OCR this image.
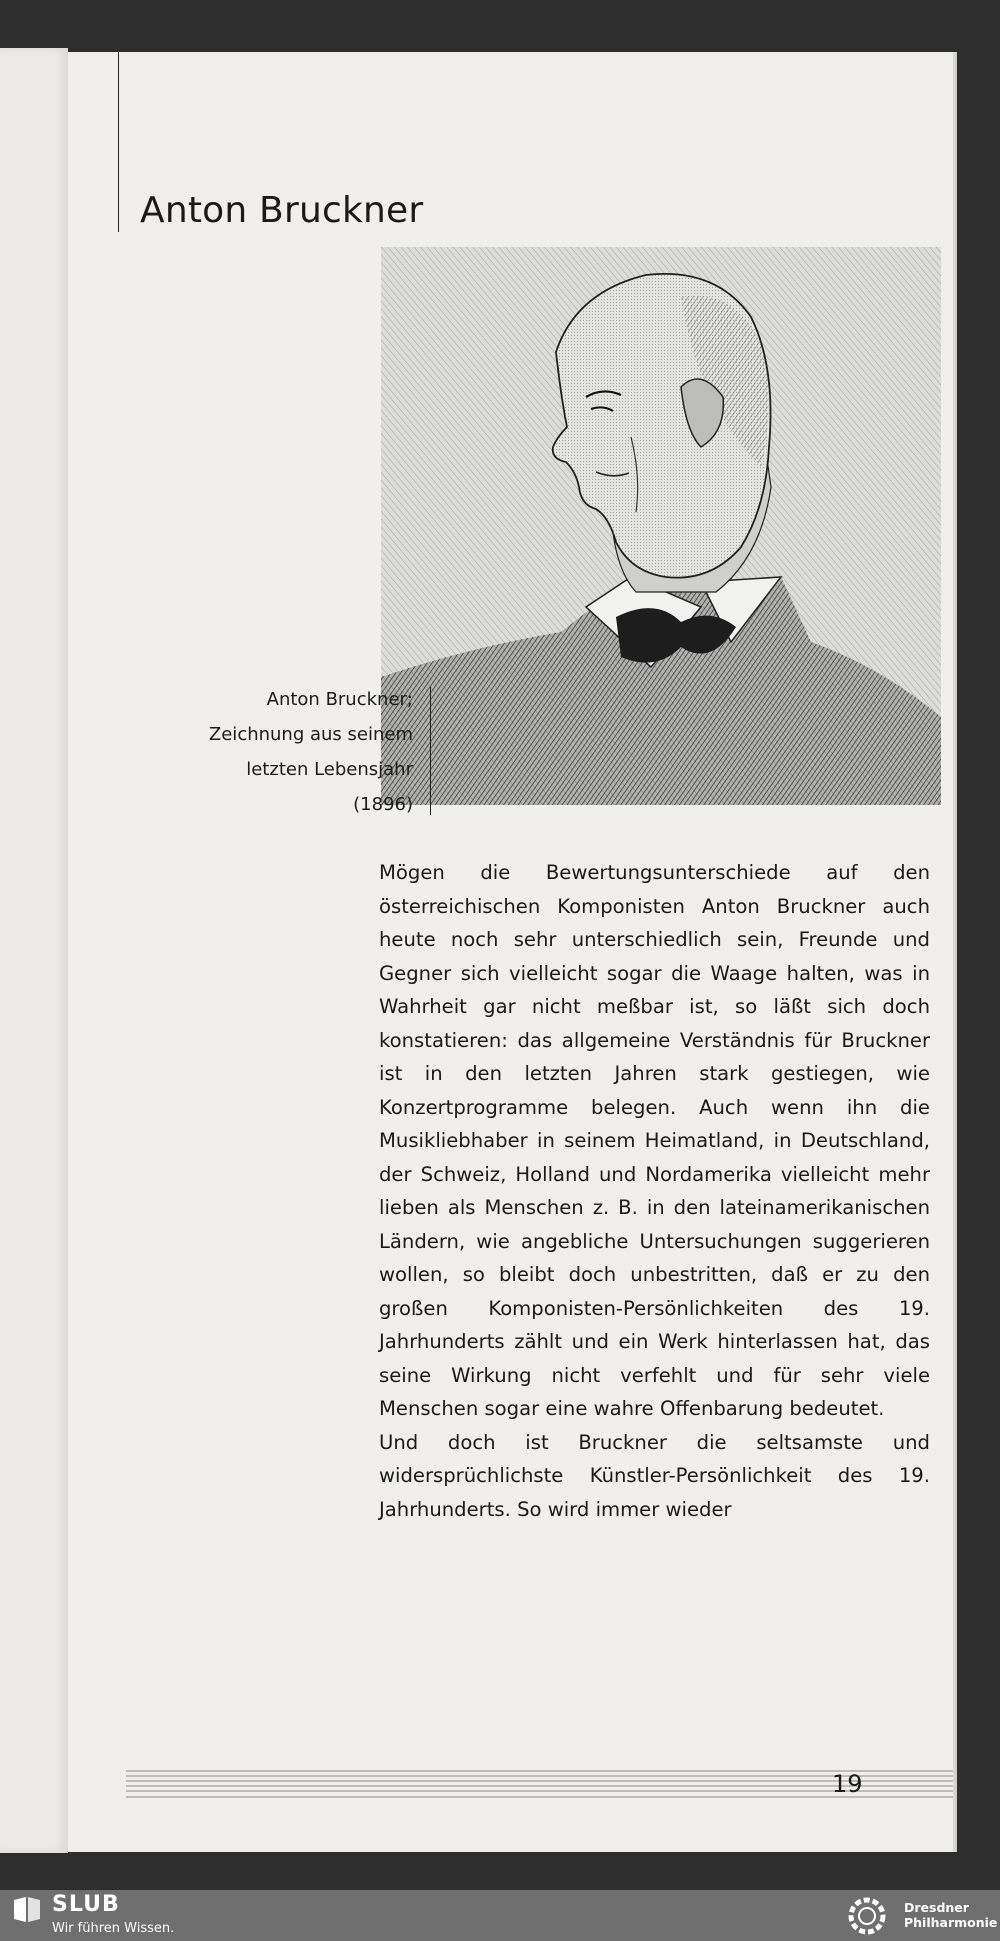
Anton Bruckner
Anton Bruckner;
Zeichnung aus seinem
letzten Lebensjahr
(1896)

Mögen die Bewertungsunterschiede auf den österreichischen Komponisten Anton Bruckner auch heute noch sehr unterschiedlich sein, Freunde und Gegner sich vielleicht sogar die Waage halten, was in Wahrheit gar nicht meßbar ist, so läßt sich doch konstatieren: das allgemeine Verständnis für Bruckner ist in den letzten Jahren stark gestiegen, wie Konzertprogramme belegen. Auch wenn ihn die Musikliebhaber in seinem Heimatland, in Deutschland, der Schweiz, Holland und Nordamerika vielleicht mehr lieben als Menschen z. B. in den lateinamerikanischen Ländern, wie angebliche Untersuchungen suggerieren wollen, so bleibt doch unbestritten, daß er zu den großen Komponisten-Persönlichkeiten des 19. Jahrhunderts zählt und ein Werk hinterlassen hat, das seine Wirkung nicht verfehlt und für sehr viele Menschen sogar eine wahre Offenbarung bedeutet.

Und doch ist Bruckner die seltsamste und widersprüchlichste Künstler-Persönlichkeit des 19. Jahrhunderts. So wird immer wieder

19
SLUB
Wir führen Wissen.
Dresdner
Philharmonie
